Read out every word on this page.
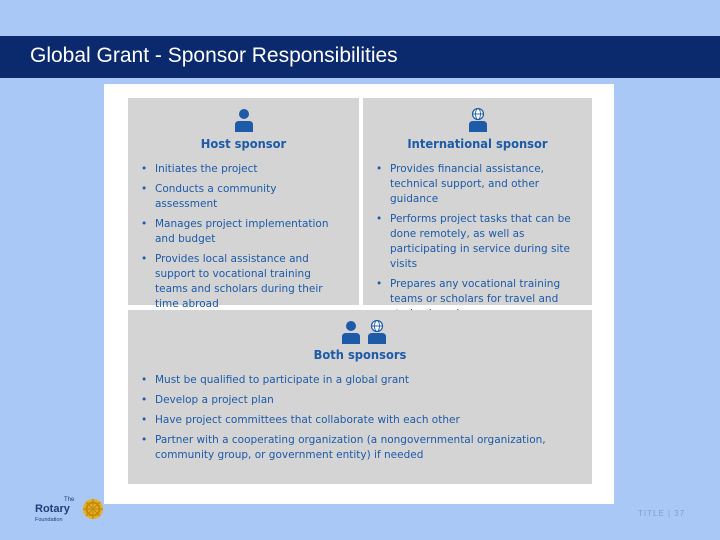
Global Grant - Sponsor Responsibilities
Host sponsor
• Initiates the project
• Conducts a community assessment
• Manages project implementation and budget
• Provides local assistance and support to vocational training teams and scholars during their time abroad
•
International sponsor
• Provides financial assistance, technical support, and other guidance
• Performs project tasks that can be done remotely, as well as participating in service during site visits
• Prepares any vocational training teams or scholars for travel and
Both sponsors
• Must be qualified to participate in a global grant
• Develop a project plan
• Have project committees that collaborate with each other
• Partner with a cooperating organization (a nongovernmental organization, community group, or government entity) if needed
The
Rotary
Foundation
TITLE | 37
